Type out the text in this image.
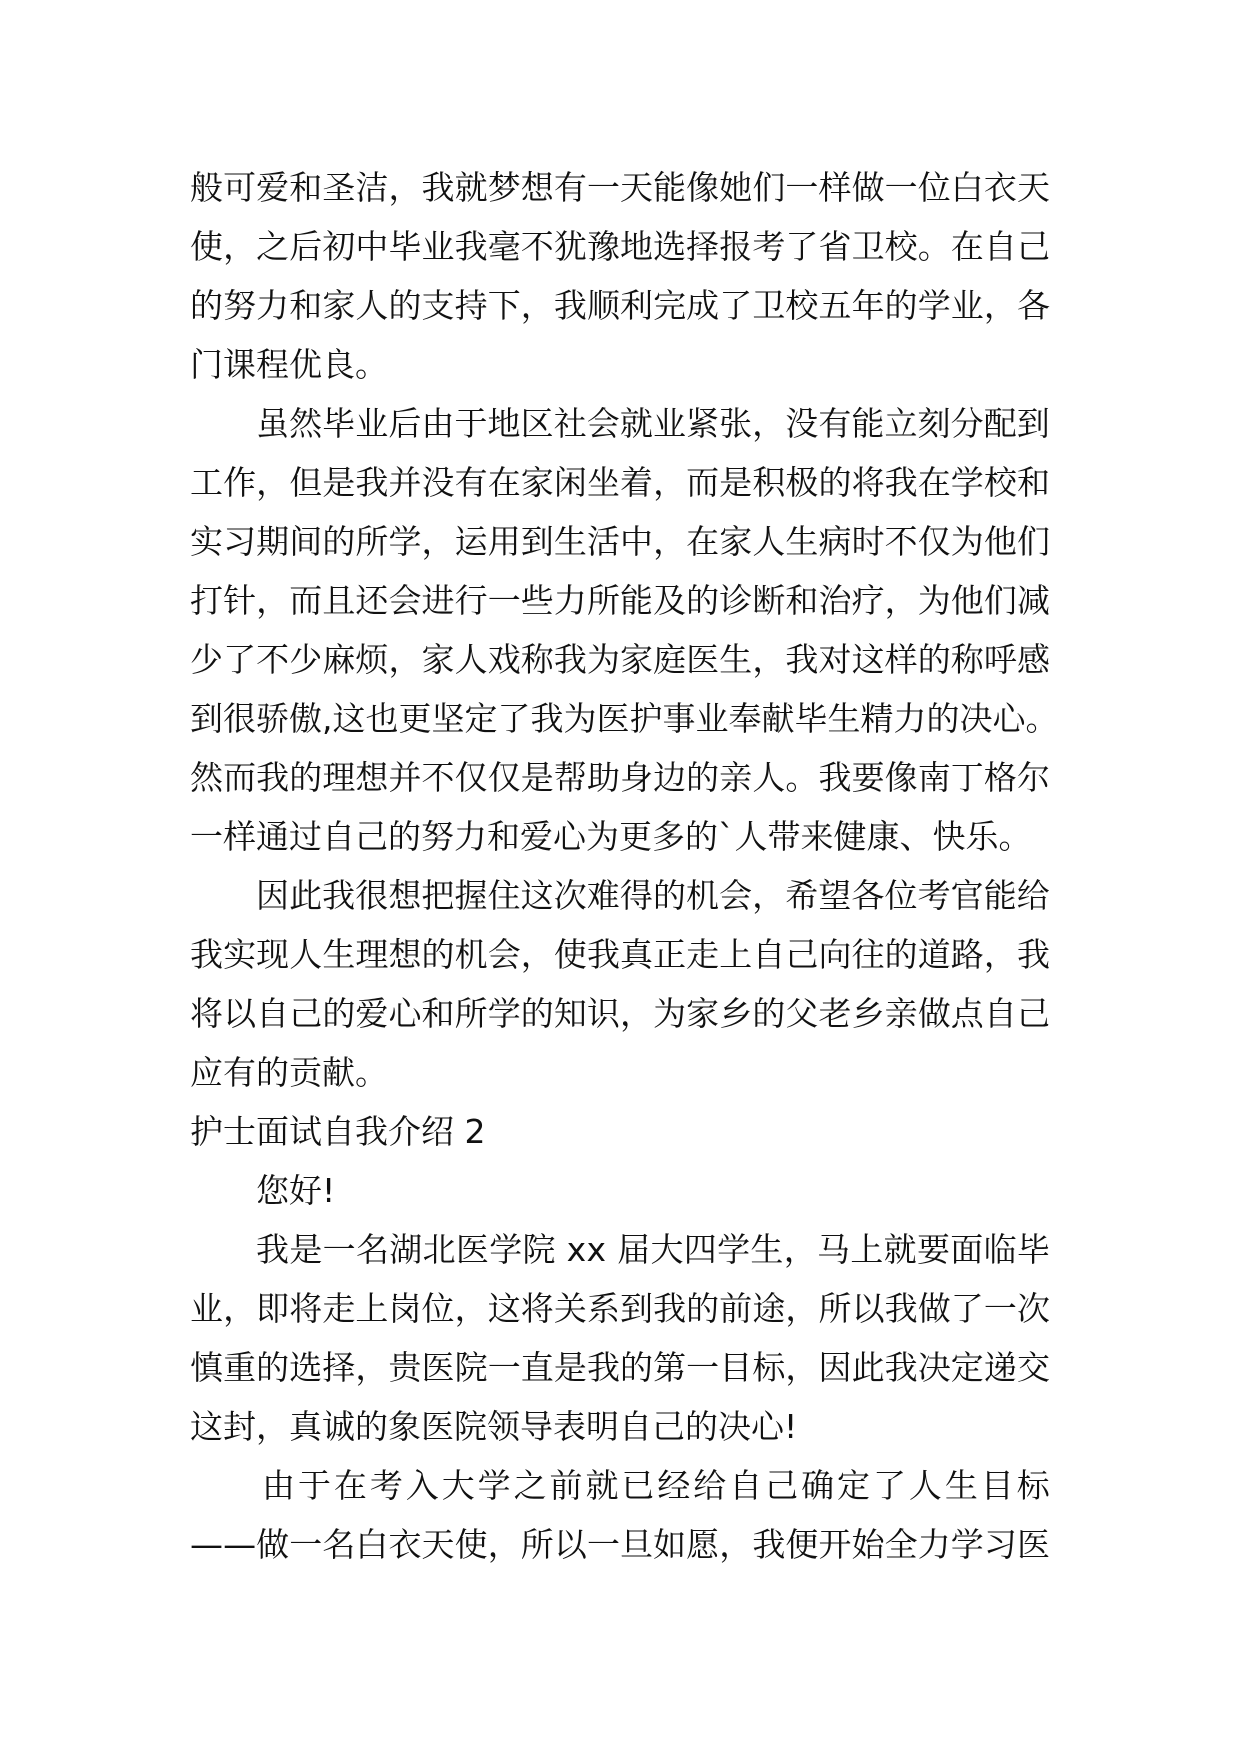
般 可 爱 和 圣 洁 ， 我 就 梦 想 有 一 天 能 像 她 们 一 样 做 一 位 白 衣 天
使 ， 之 后 初 中 毕 业 我 毫 不 犹 豫 地 选 择 报 考 了 省 卫 校 。 在 自 己
的 努 力 和 家 人 的 支 持 下 ， 我 顺 利 完 成 了 卫 校 五 年 的 学 业 ， 各
门课程优良。
虽 然 毕 业 后 由 于 地 区 社 会 就 业 紧 张 ， 没 有 能 立 刻 分 配 到
工 作 ， 但 是 我 并 没 有 在 家 闲 坐 着 ， 而 是 积 极 的 将 我 在 学 校 和
实 习 期 间 的 所 学 ， 运 用 到 生 活 中 ， 在 家 人 生 病 时 不 仅 为 他 们
打 针 ， 而 且 还 会 进 行 一 些 力 所 能 及 的 诊 断 和 治 疗 ， 为 他 们 减
少 了 不 少 麻 烦 ， 家 人 戏 称 我 为 家 庭 医 生 ， 我 对 这 样 的 称 呼 感
到 很 骄 傲 , 这 也 更 坚 定 了 我 为 医 护 事 业 奉 献 毕 生 精 力 的 决 心 。
然 而 我 的 理 想 并 不 仅 仅 是 帮 助 身 边 的 亲 人 。 我 要 像 南 丁 格 尔
一样通过自己的努力和爱心为更多的`人带来健康、快乐。
因 此 我 很 想 把 握 住 这 次 难 得 的 机 会 ， 希 望 各 位 考 官 能 给
我 实 现 人 生 理 想 的 机 会 ， 使 我 真 正 走 上 自 己 向 往 的 道 路 ， 我
将 以 自 己 的 爱 心 和 所 学 的 知 识 ， 为 家 乡 的 父 老 乡 亲 做 点 自 己
应有的贡献。
护士面试自我介绍 2
您好!
我 是 一 名 湖 北 医 学 院
x x
届 大 四 学 生 ， 马 上 就 要 面 临 毕
业 ， 即 将 走 上 岗 位 ， 这 将 关 系 到 我 的 前 途 ， 所 以 我 做 了 一 次
慎 重 的 选 择 ， 贵 医 院 一 直 是 我 的 第 一 目 标 ， 因 此 我 决 定 递 交
这封，真诚的象医院领导表明自己的决心!
由 于 在 考 入 大 学 之 前 就 已 经 给 自 己 确 定 了 人 生 目 标
— — 做 一 名 白 衣 天 使 ， 所 以 一 旦 如 愿 ， 我 便 开 始 全 力 学 习 医
